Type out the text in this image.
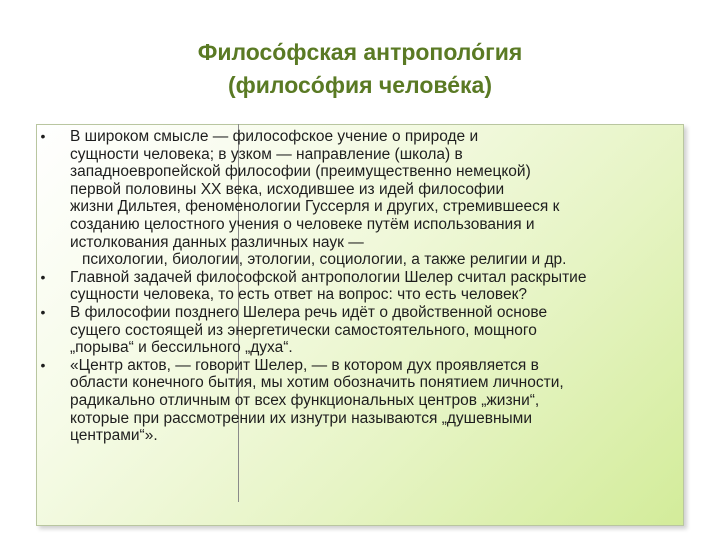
Филосо́фская антрополо́гия
(филосо́фия челове́ка)
• В широком смысле — философское учение о природе и
сущности человека; в узком — направление (школа) в
западноевропейской философии (преимущественно немецкой)
первой половины XX века, исходившее из идей философии
жизни Дильтея, феноменологии Гуссерля и других, стремившееся к
созданию целостного учения о человеке путём использования и
истолкования данных различных наук —
психологии, биологии, этологии, социологии, а также религии и др.
• Главной задачей философской антропологии Шелер считал раскрытие
сущности человека, то есть ответ на вопрос: что есть человек?
• В философии позднего Шелера речь идёт о двойственной основе
сущего состоящей из энергетически самостоятельного, мощного
„порыва“ и бессильного „духа“.
• «Центр актов, — говорит Шелер, — в котором дух проявляется в
области конечного бытия, мы хотим обозначить понятием личности,
радикально отличным от всех функциональных центров „жизни“,
которые при рассмотрении их изнутри называются „душевными
центрами“».
